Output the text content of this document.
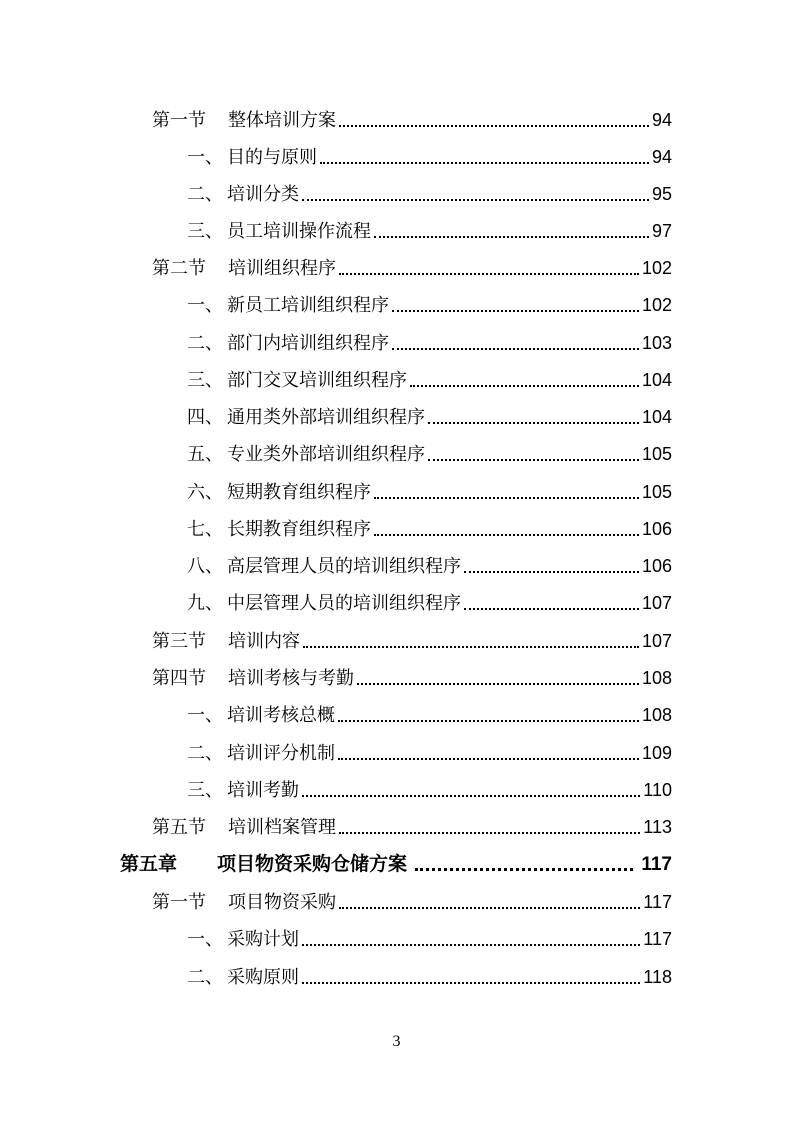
第一节	整体培训方案	94
一、 目的与原则	94
二、 培训分类	95
三、 员工培训操作流程	97
第二节	培训组织程序	102
一、 新员工培训组织程序	102
二、 部门内培训组织程序	103
三、 部门交叉培训组织程序	104
四、 通用类外部培训组织程序	104
五、 专业类外部培训组织程序	105
六、 短期教育组织程序	105
七、 长期教育组织程序	106
八、 高层管理人员的培训组织程序	106
九、 中层管理人员的培训组织程序	107
第三节	培训内容	107
第四节	培训考核与考勤	108
一、 培训考核总概	108
二、 培训评分机制	109
三、 培训考勤	110
第五节	培训档案管理	113
第五章	项目物资采购仓储方案	117
第一节	项目物资采购	117
一、 采购计划	117
二、 采购原则	118
3
